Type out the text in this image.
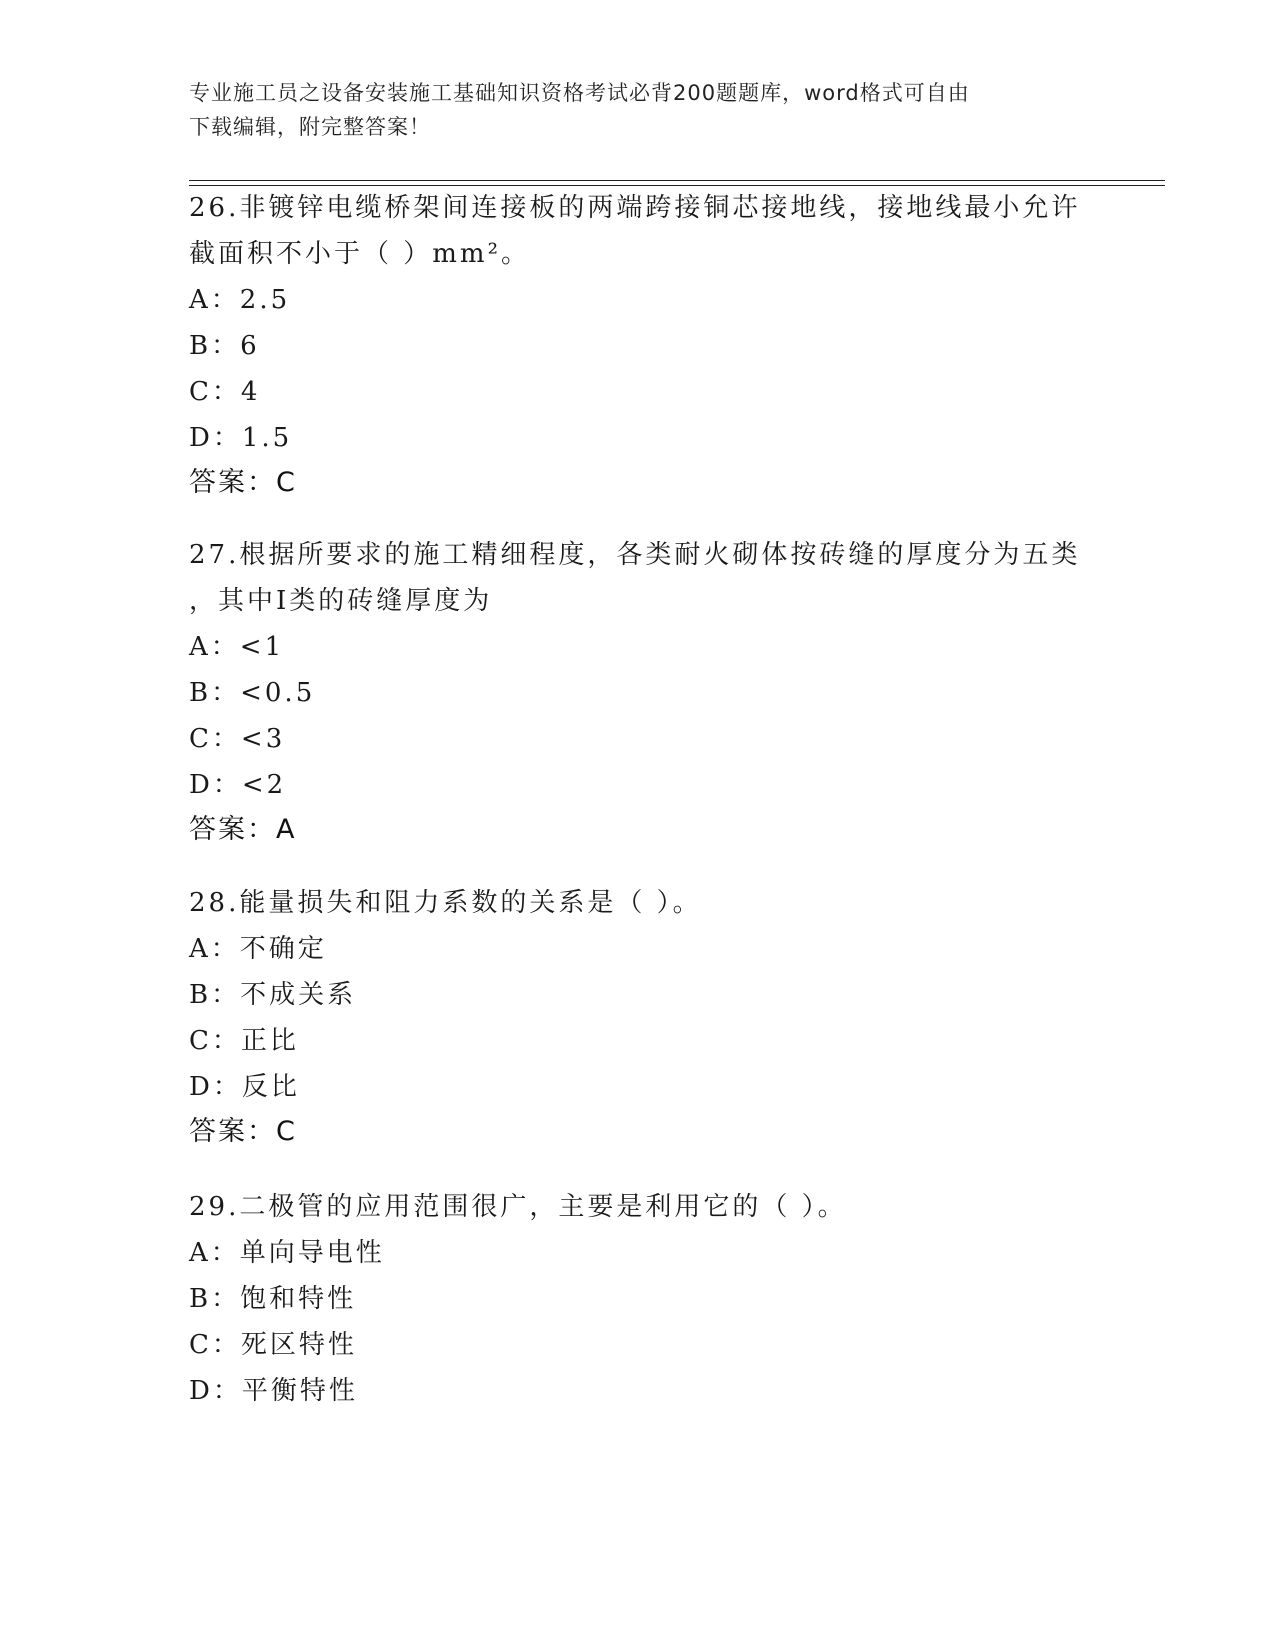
专业施工员之设备安装施工基础知识资格考试必背200题题库，word格式可自由
下载编辑，附完整答案！

26.非镀锌电缆桥架间连接板的两端跨接铜芯接地线，接地线最小允许

截面积不小于（ ）mm²。

A：2.5

B：6

C：4

D：1.5

答案：C

27.根据所要求的施工精细程度，各类耐火砌体按砖缝的厚度分为五类

，其中Ⅰ类的砖缝厚度为

A：<1

B：<0.5

C：<3

D：<2

答案：A

28.能量损失和阻力系数的关系是（ ）。

A：不确定

B：不成关系

C：正比

D：反比

答案：C

29.二极管的应用范围很广，主要是利用它的（ ）。

A：单向导电性

B：饱和特性

C：死区特性

D：平衡特性
